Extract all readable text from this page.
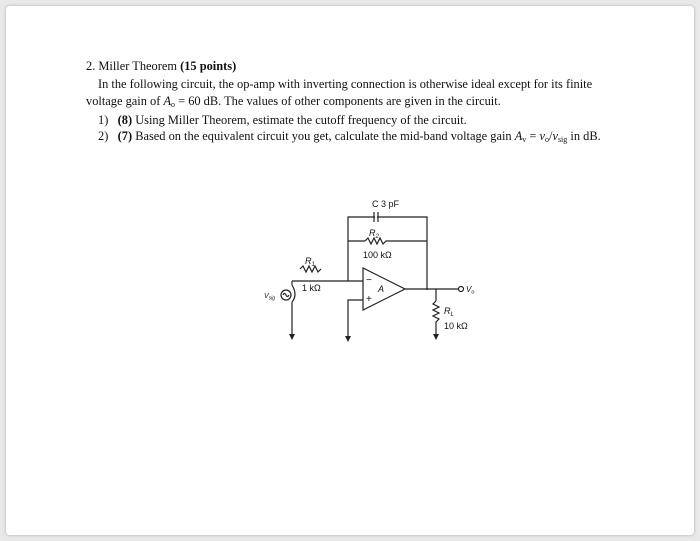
2. Miller Theorem (15 points)
In the following circuit, the op-amp with inverting connection is otherwise ideal except for its finite
voltage gain of $A_o = 60$ dB. The values of other components are given in the circuit.
1) (8) Using Miller Theorem, estimate the cutoff frequency of the circuit.
2) (7) Based on the equivalent circuit you get, calculate the mid-band voltage gain $A_v = v_o/v_{sig}$ in dB.
C 3 pF
$R_2$
100 kΩ
$R_1$
1 kΩ
−
+
A	Vo
$V_{sig}$
$R_L$
10 kΩ
